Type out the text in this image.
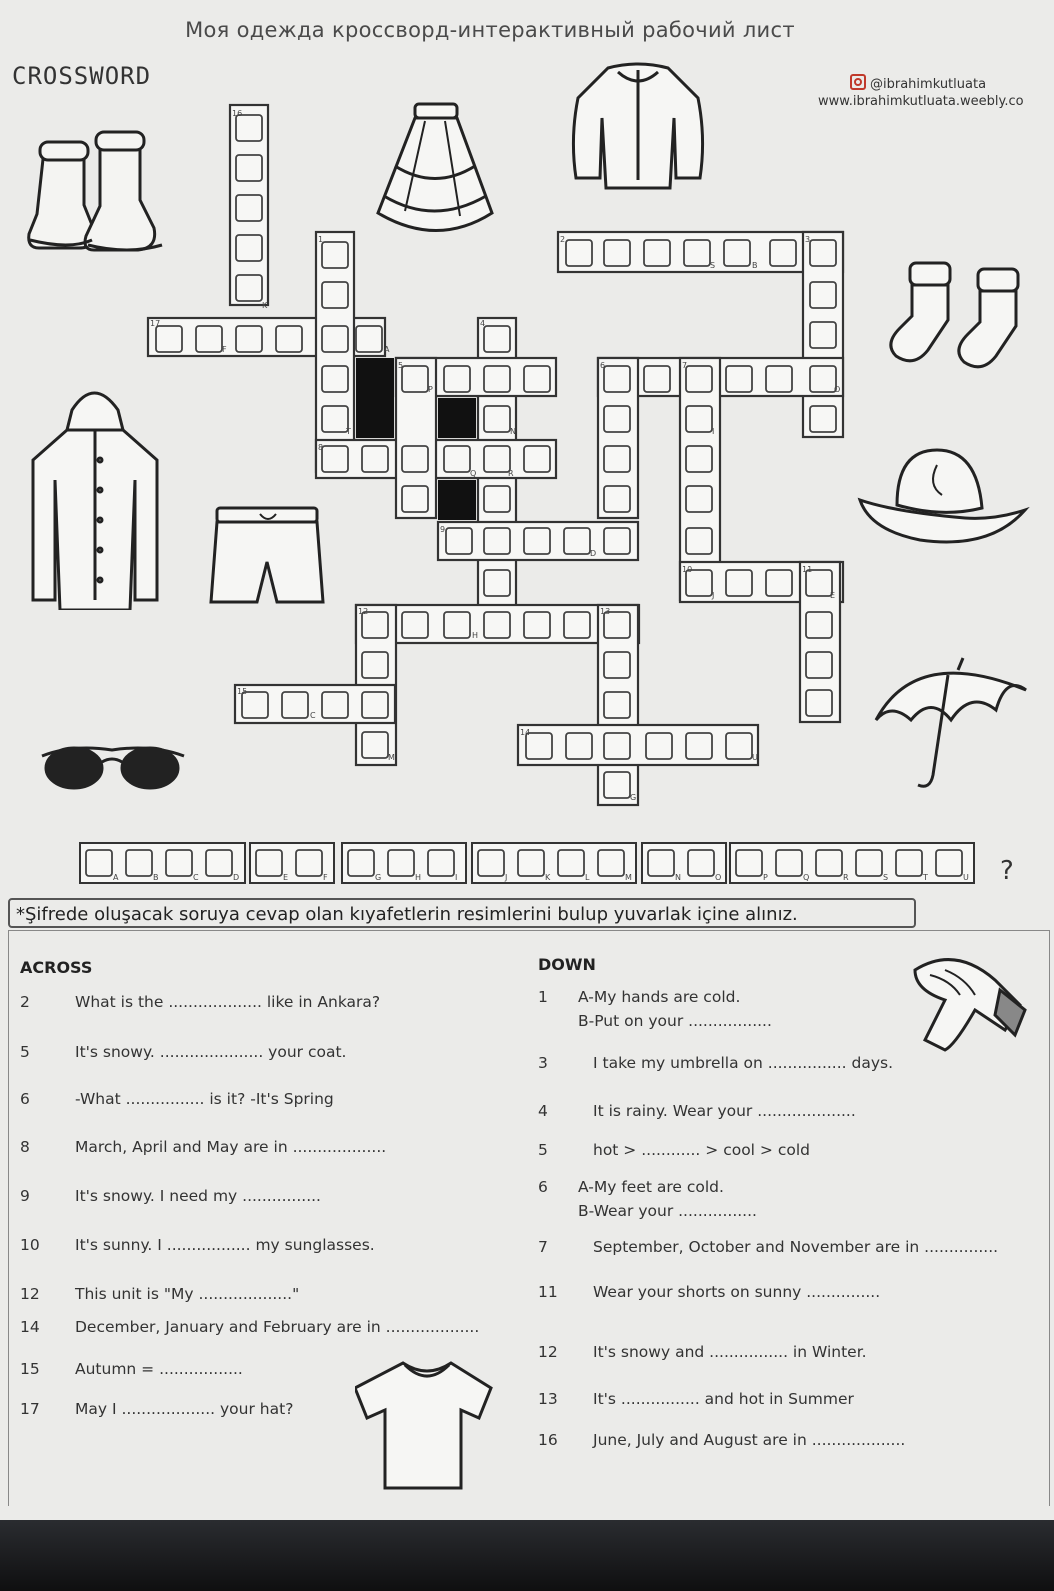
Моя одежда кроссворд-интерактивный рабочий лист
CROSSWORD	@ibrahimkutluata
www.ibrahimkutluata.weebly.co
16
17
1	2	3
4
5	6	7
8
9
10	11
12	13
14
15
K
F	A
T
P
S	B
O
N
Q	R
I
D
J	E
H
C
M	U
G
A	B	C	D	E	F	G	H	I	J	K	L	M	N	O	P	Q	R	S	T	U ?
*Şifrede oluşacak soruya cevap olan kıyafetlerin resimlerini bulup yuvarlak içine alınız.
ACROSS
2	What is the ................... like in Ankara?
5	It's snowy. ..................... your coat.
6	-What ................ is it? -It's Spring
8	March, April and May are in ...................
9	It's snowy. I need my ................
10	It's sunny. I ................. my sunglasses.
12	This unit is "My ..................."
14	December, January and February are in ...................
15	Autumn = .................
17	May I ................... your hat?
DOWN
1	A-My hands are cold.
B-Put on your .................
3	I take my umbrella on ................ days.
4	It is rainy. Wear your ....................
5	hot > ............ > cool > cold
6	A-My feet are cold.
B-Wear your ................
7	September, October and November are in ...............
11	Wear your shorts on sunny ...............
12	It's snowy and ................ in Winter.
13	It's ................ and hot in Summer
16	June, July and August are in ...................
